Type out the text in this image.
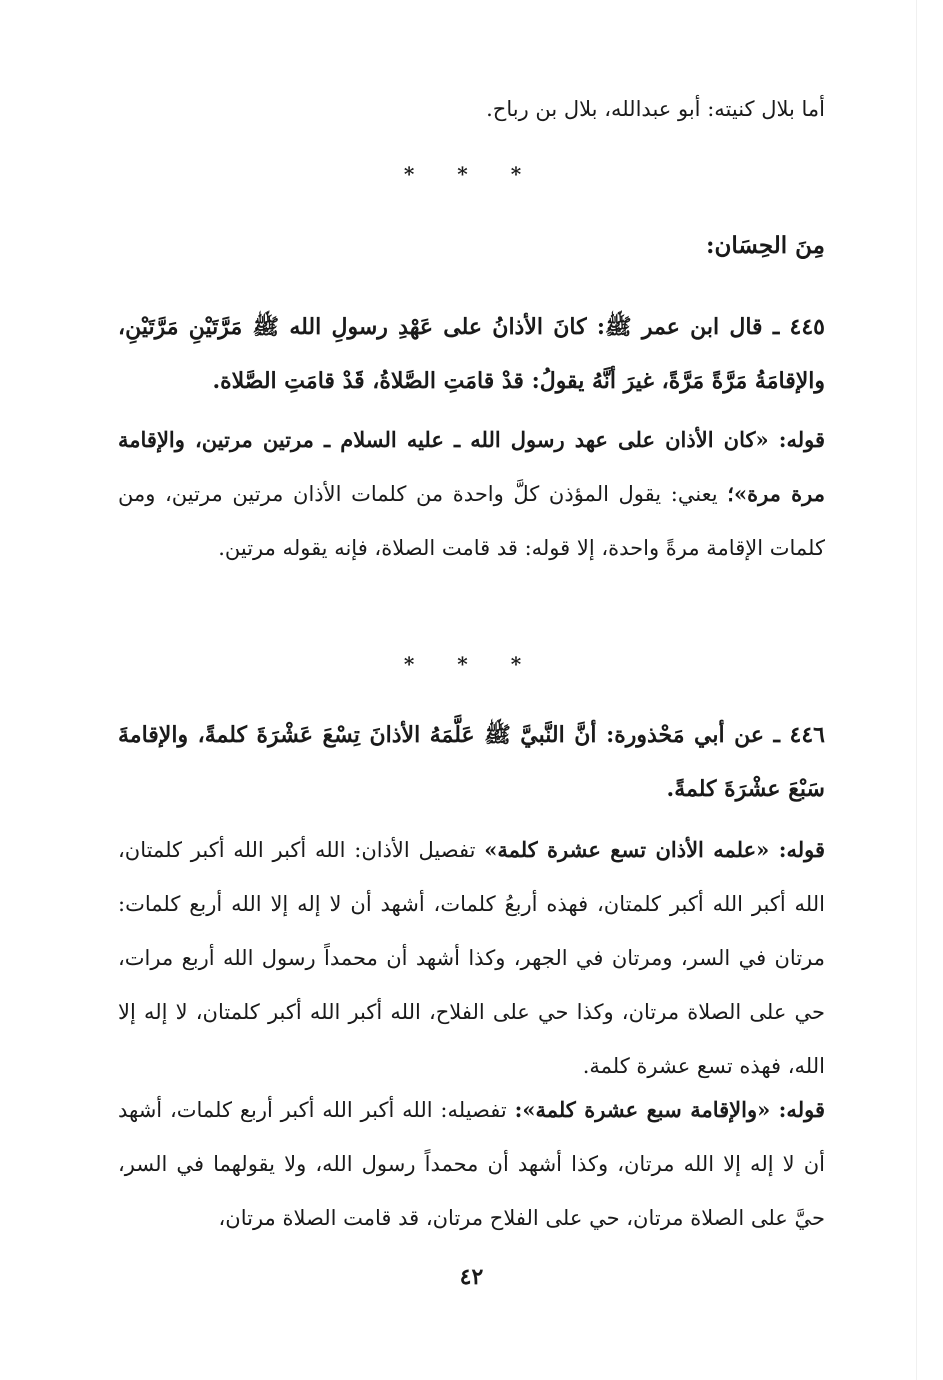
أما بلال كنيته: أبو عبدالله، بلال بن رباح.

* * *

مِنَ الحِسَان:

٤٤٥ ـ قال ابن عمر ﷺ: كانَ الأذانُ على عَهْدِ رسولِ الله ﷺ مَرَّتَيْنِ مَرَّتَيْنِ، والإقامَةُ مَرَّةً مَرَّةً، غيرَ أنَّهُ يقولُ: قدْ قامَتِ الصَّلاةُ، قَدْ قامَتِ الصَّلاة.

قوله: «كان الأذان على عهد رسول الله ـ عليه السلام ـ مرتين مرتين، والإقامة مرة مرة»؛ يعني: يقول المؤذن كلَّ واحدة من كلمات الأذان مرتين مرتين، ومن كلمات الإقامة مرةً واحدة، إلا قوله: قد قامت الصلاة، فإنه يقوله مرتين.

* * *

٤٤٦ ـ عن أبي مَحْذورة: أنَّ النَّبيَّ ﷺ عَلَّمَهُ الأذانَ تِسْعَ عَشْرَةَ كلمةً، والإقامةَ سَبْعَ عشْرَةَ كلمةً.

قوله: «علمه الأذان تسع عشرة كلمة» تفصيل الأذان: الله أكبر الله أكبر كلمتان، الله أكبر الله أكبر كلمتان، فهذه أربعُ كلمات، أشهد أن لا إله إلا الله أربع كلمات: مرتان في السر، ومرتان في الجهر، وكذا أشهد أن محمداً رسول الله أربع مرات، حي على الصلاة مرتان، وكذا حي على الفلاح، الله أكبر الله أكبر كلمتان، لا إله إلا الله، فهذه تسع عشرة كلمة.

قوله: «والإقامة سبع عشرة كلمة»: تفصيله: الله أكبر الله أكبر أربع كلمات، أشهد أن لا إله إلا الله مرتان، وكذا أشهد أن محمداً رسول الله، ولا يقولهما في السر، حيَّ على الصلاة مرتان، حي على الفلاح مرتان، قد قامت الصلاة مرتان،

٤٢
